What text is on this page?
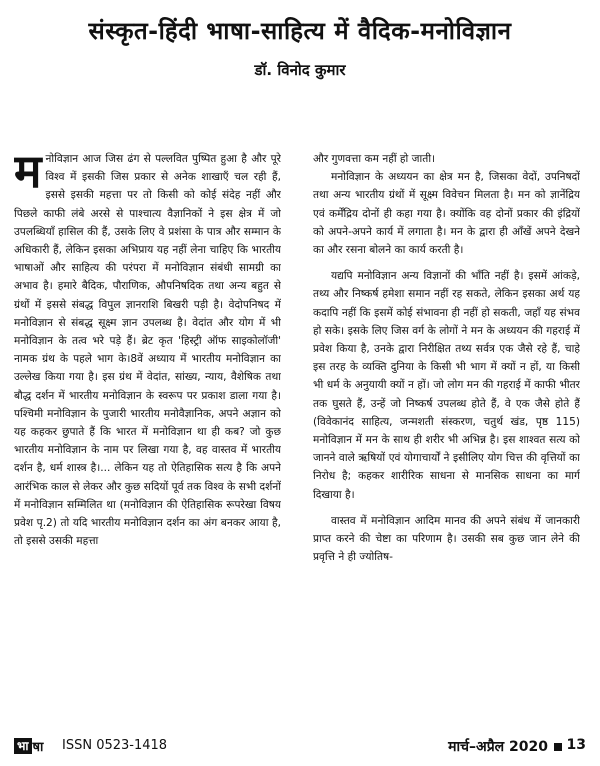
संस्कृत-हिंदी भाषा-साहित्य में वैदिक-मनोविज्ञान
डॉ. विनोद कुमार

मनोविज्ञान आज जिस ढंग से पल्लवित पुष्पित हुआ है और पूरे विश्व में इसकी जिस प्रकार से अनेक शाखाएँ चल रही हैं, इससे इसकी महत्ता पर तो किसी को कोई संदेह नहीं और पिछले काफी लंबे अरसे से पाश्चात्य वैज्ञानिकों ने इस क्षेत्र में जो उपलब्धियाँ हासिल की हैं, उसके लिए वे प्रशंसा के पात्र और सम्मान के अधिकारी हैं, लेकिन इसका अभिप्राय यह नहीं लेना चाहिए कि भारतीय भाषाओं और साहित्य की परंपरा में मनोविज्ञान संबंधी सामग्री का अभाव है। हमारे बैदिक, पौराणिक, औपनिषदिक तथा अन्य बहुत से ग्रंथों में इससे संबद्ध विपुल ज्ञानराशि बिखरी पड़ी है। वेदोपनिषद में मनोविज्ञान से संबद्ध सूक्ष्म ज्ञान उपलब्ध है। वेदांत और योग में भी मनोविज्ञान के तत्व भरे पड़े हैं। ब्रेट कृत 'हिस्ट्री ऑफ साइकोलॉजी' नामक ग्रंथ के पहले भाग के।8वें अध्याय में भारतीय मनोविज्ञान का उल्लेख किया गया है। इस ग्रंथ में वेदांत, सांख्य, न्याय, वैशेषिक तथा बौद्ध दर्शन में भारतीय मनोविज्ञान के स्वरूप पर प्रकाश डाला गया है। पश्चिमी मनोविज्ञान के पुजारी भारतीय मनोवैज्ञानिक, अपने अज्ञान को यह कहकर छुपाते हैं कि भारत में मनोविज्ञान था ही कब? जो कुछ भारतीय मनोविज्ञान के नाम पर लिखा गया है, वह वास्तव में भारतीय दर्शन है, धर्म शास्त्र है।... लेकिन यह तो ऐतिहासिक सत्य है कि अपने आरंभिक काल से लेकर और कुछ सदियों पूर्व तक विश्व के सभी दर्शनों में मनोविज्ञान सम्मिलित था (मनोविज्ञान की ऐतिहासिक रूपरेखा विषय प्रवेश पृ.2) तो यदि भारतीय मनोविज्ञान दर्शन का अंग बनकर आया है, तो इससे उसकी महत्ता

और गुणवत्ता कम नहीं हो जाती।

मनोविज्ञान के अध्ययन का क्षेत्र मन है, जिसका वेदों, उपनिषदों तथा अन्य भारतीय ग्रंथों में सूक्ष्म विवेचन मिलता है। मन को ज्ञानेंद्रिय एवं कर्मेंद्रिय दोनों ही कहा गया है। क्योंकि वह दोनों प्रकार की इंद्रियों को अपने-अपने कार्य में लगाता है। मन के द्वारा ही आँखें अपने देखने का और रसना बोलने का कार्य करती है।

यद्यपि मनोविज्ञान अन्य विज्ञानों की भाँति नहीं है। इसमें आंकड़े, तथ्य और निष्कर्ष हमेशा समान नहीं रह सकते, लेकिन इसका अर्थ यह कदापि नहीं कि इसमें कोई संभावना ही नहीं हो सकती, जहाँ यह संभव हो सके। इसके लिए जिस वर्ग के लोगों ने मन के अध्ययन की गहराई में प्रवेश किया है, उनके द्वारा निरीक्षित तथ्य सर्वत्र एक जैसे रहे हैं, चाहे इस तरह के व्यक्ति दुनिया के किसी भी भाग में क्यों न हों, या किसी भी धर्म के अनुयायी क्यों न हों। जो लोग मन की गहराई में काफी भीतर तक घुसते हैं, उन्हें जो निष्कर्ष उपलब्ध होते हैं, वे एक जैसे होते हैं (विवेकानंद साहित्य, जन्मशती संस्करण, चतुर्थ खंड, पृष्ठ 115) मनोविज्ञान में मन के साथ ही शरीर भी अभिन्न है। इस शाश्वत सत्य को जानने वाले ऋषियों एवं योगाचार्यों ने इसीलिए योग चित्त की वृत्तियों का निरोध है; कहकर शारीरिक साधना से मानसिक साधना का मार्ग दिखाया है।

वास्तव में मनोविज्ञान आदिम मानव की अपने संबंध में जानकारी प्राप्त करने की चेष्टा का परिणाम है। उसकी सब कुछ जान लेने की प्रवृत्ति ने ही ज्योतिष-

भा षा ISSN 0523-1418	मार्च–अप्रैल 2020 13
